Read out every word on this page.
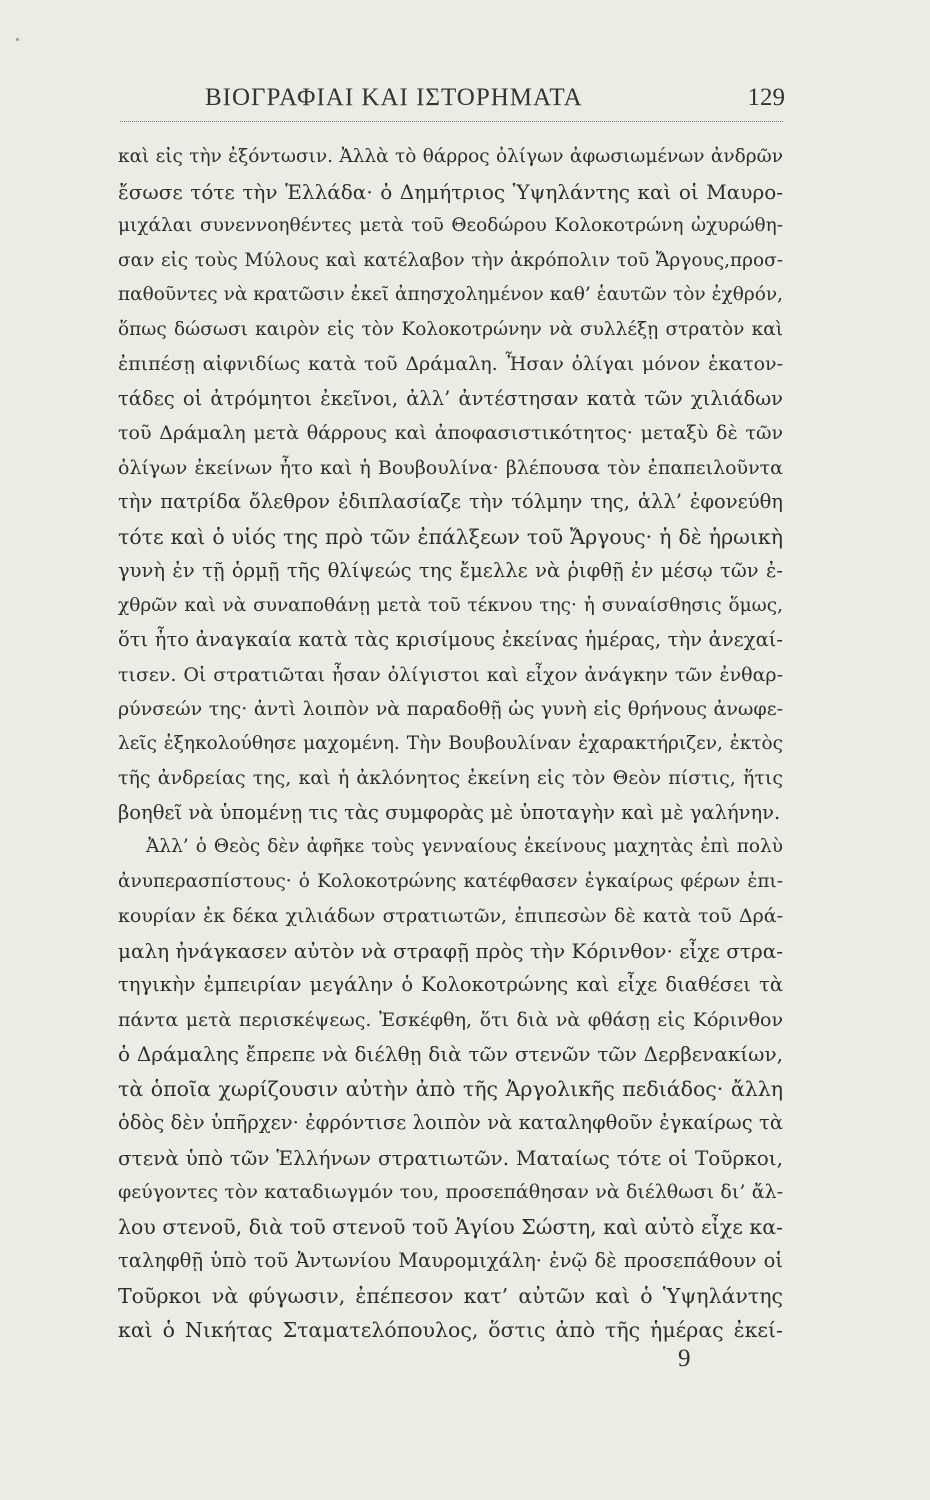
ΒΙΟΓΡΑΦΙΑΙ ΚΑΙ ΙΣΤΟΡΗΜΑΤΑ	129
καὶ εἰς τὴν ἐξόντωσιν. Ἀλλὰ τὸ θάρρος ὀλίγων ἀφωσιωμένων ἀνδρῶν
ἔσωσε τότε τὴν Ἑλλάδα· ὁ Δημήτριος Ὑψηλάντης καὶ οἱ Μαυρο-
μιχάλαι συνεννοηθέντες μετὰ τοῦ Θεοδώρου Κολοκοτρώνη ὠχυρώθη-
σαν εἰς τοὺς Μύλους καὶ κατέλαβον τὴν ἀκρόπολιν τοῦ Ἄργους,προσ-
παθοῦντες νὰ κρατῶσιν ἐκεῖ ἀπησχολημένον καθ’ ἑαυτῶν τὸν ἐχθρόν,
ὅπως δώσωσι καιρὸν εἰς τὸν Κολοκοτρώνην νὰ συλλέξῃ στρατὸν καὶ
ἐπιπέσῃ αἰφνιδίως κατὰ τοῦ Δράμαλη. Ἦσαν ὀλίγαι μόνον ἑκατον-
τάδες οἱ ἀτρόμητοι ἐκεῖνοι, ἀλλ’ ἀντέστησαν κατὰ τῶν χιλιάδων
τοῦ Δράμαλη μετὰ θάρρους καὶ ἀποφασιστικότητος· μεταξὺ δὲ τῶν
ὀλίγων ἐκείνων ἦτο καὶ ἡ Βουβουλίνα· βλέπουσα τὸν ἐπαπειλοῦντα
τὴν πατρίδα ὄλεθρον ἐδιπλασίαζε τὴν τόλμην της, ἀλλ’ ἐφονεύθη
τότε καὶ ὁ υἱός της πρὸ τῶν ἐπάλξεων τοῦ Ἄργους· ἡ δὲ ἡρωικὴ
γυνὴ ἐν τῇ ὁρμῇ τῆς θλίψεώς της ἔμελλε νὰ ῥιφθῇ ἐν μέσῳ τῶν ἐ-
χθρῶν καὶ νὰ συναποθάνῃ μετὰ τοῦ τέκνου της· ἡ συναίσθησις ὅμως,
ὅτι ἦτο ἀναγκαία κατὰ τὰς κρισίμους ἐκείνας ἡμέρας, τὴν ἀνεχαί-
τισεν. Οἱ στρατιῶται ἦσαν ὀλίγιστοι καὶ εἶχον ἀνάγκην τῶν ἐνθαρ-
ρύνσεών της· ἀντὶ λοιπὸν νὰ παραδοθῇ ὡς γυνὴ εἰς θρήνους ἀνωφε-
λεῖς ἐξηκολούθησε μαχομένη. Τὴν Βουβουλίναν ἐχαρακτήριζεν, ἐκτὸς
τῆς ἀνδρείας της, καὶ ἡ ἀκλόνητος ἐκείνη εἰς τὸν Θεὸν πίστις, ἥτις
βοηθεῖ νὰ ὑπομένῃ τις τὰς συμφορὰς μὲ ὑποταγὴν καὶ μὲ γαλήνην.
Ἀλλ’ ὁ Θεὸς δὲν ἀφῆκε τοὺς γενναίους ἐκείνους μαχητὰς ἐπὶ πολὺ
ἀνυπερασπίστους· ὁ Κολοκοτρώνης κατέφθασεν ἐγκαίρως φέρων ἐπι-
κουρίαν ἐκ δέκα χιλιάδων στρατιωτῶν, ἐπιπεσὼν δὲ κατὰ τοῦ Δρά-
μαλη ἠνάγκασεν αὐτὸν νὰ στραφῇ πρὸς τὴν Κόρινθον· εἶχε στρα-
τηγικὴν ἐμπειρίαν μεγάλην ὁ Κολοκοτρώνης καὶ εἶχε διαθέσει τὰ
πάντα μετὰ περισκέψεως. Ἐσκέφθη, ὅτι διὰ νὰ φθάσῃ εἰς Κόρινθον
ὁ Δράμαλης ἔπρεπε νὰ διέλθῃ διὰ τῶν στενῶν τῶν Δερβενακίων,
τὰ ὁποῖα χωρίζουσιν αὐτὴν ἀπὸ τῆς Ἀργολικῆς πεδιάδος· ἄλλη
ὁδὸς δὲν ὑπῆρχεν· ἐφρόντισε λοιπὸν νὰ καταληφθοῦν ἐγκαίρως τὰ
στενὰ ὑπὸ τῶν Ἑλλήνων στρατιωτῶν. Ματαίως τότε οἱ Τοῦρκοι,
φεύγοντες τὸν καταδιωγμόν του, προσεπάθησαν νὰ διέλθωσι δι’ ἄλ-
λου στενοῦ, διὰ τοῦ στενοῦ τοῦ Ἁγίου Σώστη, καὶ αὐτὸ εἶχε κα-
ταληφθῇ ὑπὸ τοῦ Ἀντωνίου Μαυρομιχάλη· ἐνῷ δὲ προσεπάθουν οἱ
Τοῦρκοι νὰ φύγωσιν, ἐπέπεσον κατ’ αὐτῶν καὶ ὁ Ὑψηλάντης
καὶ ὁ Νικήτας Σταματελόπουλος, ὅστις ἀπὸ τῆς ἡμέρας ἐκεί-
9
